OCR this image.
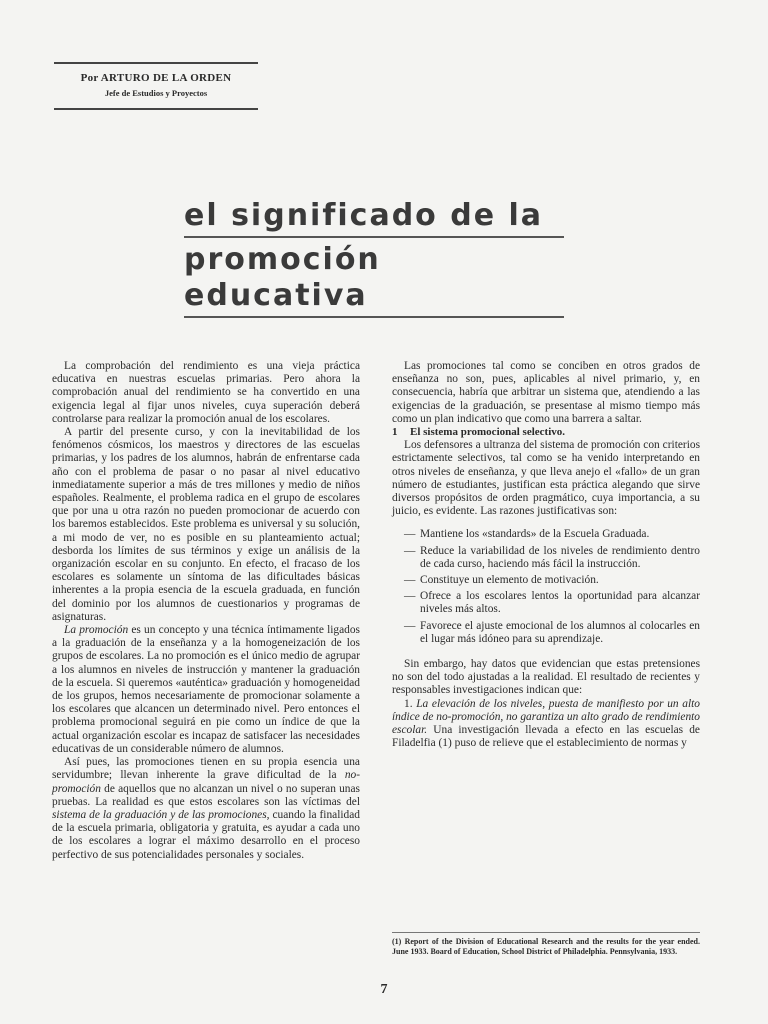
Por ARTURO DE LA ORDEN
Jefe de Estudios y Proyectos
el significado de la
promoción educativa

La comprobación del rendimiento es una vieja práctica educativa en nuestras escuelas primarias. Pero ahora la comprobación anual del rendimiento se ha convertido en una exigencia legal al fijar unos niveles, cuya superación deberá controlarse para realizar la promoción anual de los escolares.

A partir del presente curso, y con la inevitabilidad de los fenómenos cósmicos, los maestros y directores de las escuelas primarias, y los padres de los alumnos, habrán de enfrentarse cada año con el problema de pasar o no pasar al nivel educativo inmediatamente superior a más de tres millones y medio de niños españoles. Realmente, el problema radica en el grupo de escolares que por una u otra razón no pueden promocionar de acuerdo con los baremos establecidos. Este problema es universal y su solución, a mi modo de ver, no es posible en su planteamiento actual; desborda los límites de sus términos y exige un análisis de la organización escolar en su conjunto. En efecto, el fracaso de los escolares es solamente un síntoma de las dificultades básicas inherentes a la propia esencia de la escuela graduada, en función del dominio por los alumnos de cuestionarios y programas de asignaturas.

La promoción es un concepto y una técnica íntimamente ligados a la graduación de la enseñanza y a la homogeneización de los grupos de escolares. La no promoción es el único medio de agrupar a los alumnos en niveles de instrucción y mantener la graduación de la escuela. Si queremos «auténtica» graduación y homogeneidad de los grupos, hemos necesariamente de promocionar solamente a los escolares que alcancen un determinado nivel. Pero entonces el problema promocional seguirá en pie como un índice de que la actual organización escolar es incapaz de satisfacer las necesidades educativas de un considerable número de alumnos.

Así pues, las promociones tienen en su propia esencia una servidumbre; llevan inherente la grave dificultad de la no-promoción de aquellos que no alcanzan un nivel o no superan unas pruebas. La realidad es que estos escolares son las víctimas del sistema de la graduación y de las promociones, cuando la finalidad de la escuela primaria, obligatoria y gratuita, es ayudar a cada uno de los escolares a lograr el máximo desarrollo en el proceso perfectivo de sus potencialidades personales y sociales.

Las promociones tal como se conciben en otros grados de enseñanza no son, pues, aplicables al nivel primario, y, en consecuencia, habría que arbitrar un sistema que, atendiendo a las exigencias de la graduación, se presentase al mismo tiempo más como un plan indicativo que como una barrera a saltar.

1 El sistema promocional selectivo.

Los defensores a ultranza del sistema de promoción con criterios estrictamente selectivos, tal como se ha venido interpretando en otros niveles de enseñanza, y que lleva anejo el «fallo» de un gran número de estudiantes, justifican esta práctica alegando que sirve diversos propósitos de orden pragmático, cuya importancia, a su juicio, es evidente. Las razones justificativas son:

— Mantiene los «standards» de la Escuela Graduada.
— Reduce la variabilidad de los niveles de rendimiento dentro de cada curso, haciendo más fácil la instrucción.
— Constituye un elemento de motivación.
— Ofrece a los escolares lentos la oportunidad para alcanzar niveles más altos.
— Favorece el ajuste emocional de los alumnos al colocarles en el lugar más idóneo para su aprendizaje.

Sin embargo, hay datos que evidencian que estas pretensiones no son del todo ajustadas a la realidad. El resultado de recientes y responsables investigaciones indican que:

1. La elevación de los niveles, puesta de manifiesto por un alto índice de no-promoción, no garantiza un alto grado de rendimiento escolar. Una investigación llevada a efecto en las escuelas de Filadelfia (1) puso de relieve que el establecimiento de normas y

(1) Report of the Division of Educational Research and the results for the year ended. June 1933. Board of Education, School District of Philadelphia. Pennsylvania, 1933.
7
